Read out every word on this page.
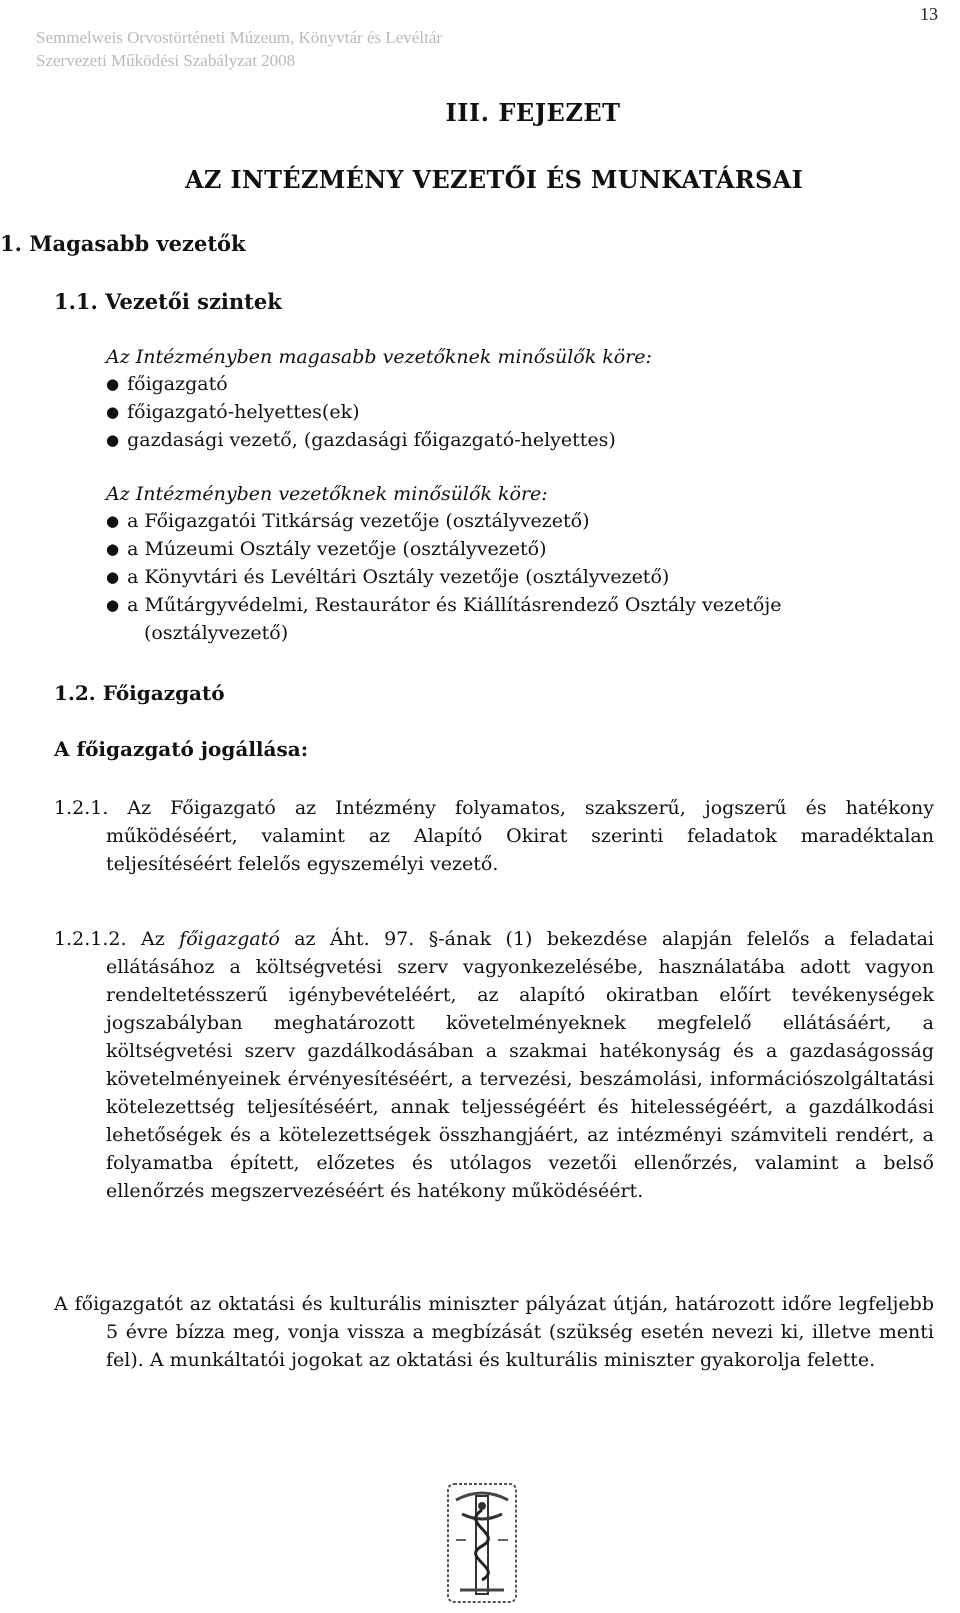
Semmelweis Orvostörténeti Múzeum, Könyvtár és Levéltár
Szervezeti Működési Szabályzat 2008
13
III. FEJEZET
AZ INTÉZMÉNY VEZETŐI ÉS MUNKATÁRSAI
1. Magasabb vezetők
1.1. Vezetői szintek
Az Intézményben magasabb vezetőknek minősülők köre:
● főigazgató
● főigazgató-helyettes(ek)
● gazdasági vezető, (gazdasági főigazgató-helyettes)
Az Intézményben vezetőknek minősülők köre:
● a Főigazgatói Titkárság vezetője (osztályvezető)
● a Múzeumi Osztály vezetője (osztályvezető)
● a Könyvtári és Levéltári Osztály vezetője (osztályvezető)
● a Műtárgyvédelmi, Restaurátor és Kiállításrendező Osztály vezetője
(osztályvezető)
1.2. Főigazgató
A főigazgató jogállása:
1.2.1. Az Főigazgató az Intézmény folyamatos, szakszerű, jogszerű és hatékony működéséért, valamint az Alapító Okirat szerinti feladatok maradéktalan teljesítéséért felelős egyszemélyi vezető.
1.2.1.2. Az főigazgató az Áht. 97. §-ának (1) bekezdése alapján felelős a feladatai ellátásához a költségvetési szerv vagyonkezelésébe, használatába adott vagyon rendeltetésszerű igénybevételéért, az alapító okiratban előírt tevékenységek jogszabályban meghatározott követelményeknek megfelelő ellátásáért, a költségvetési szerv gazdálkodásában a szakmai hatékonyság és a gazdaságosság követelményeinek érvényesítéséért, a tervezési, beszámolási, információszolgáltatási kötelezettség teljesítéséért, annak teljességéért és hitelességéért, a gazdálkodási lehetőségek és a kötelezettségek összhangjáért, az intézményi számviteli rendért, a folyamatba épített, előzetes és utólagos vezetői ellenőrzés, valamint a belső ellenőrzés megszervezéséért és hatékony működéséért.
A főigazgatót az oktatási és kulturális miniszter pályázat útján, határozott időre legfeljebb 5 évre bízza meg, vonja vissza a megbízását (szükség esetén nevezi ki, illetve menti fel). A munkáltatói jogokat az oktatási és kulturális miniszter gyakorolja felette.
